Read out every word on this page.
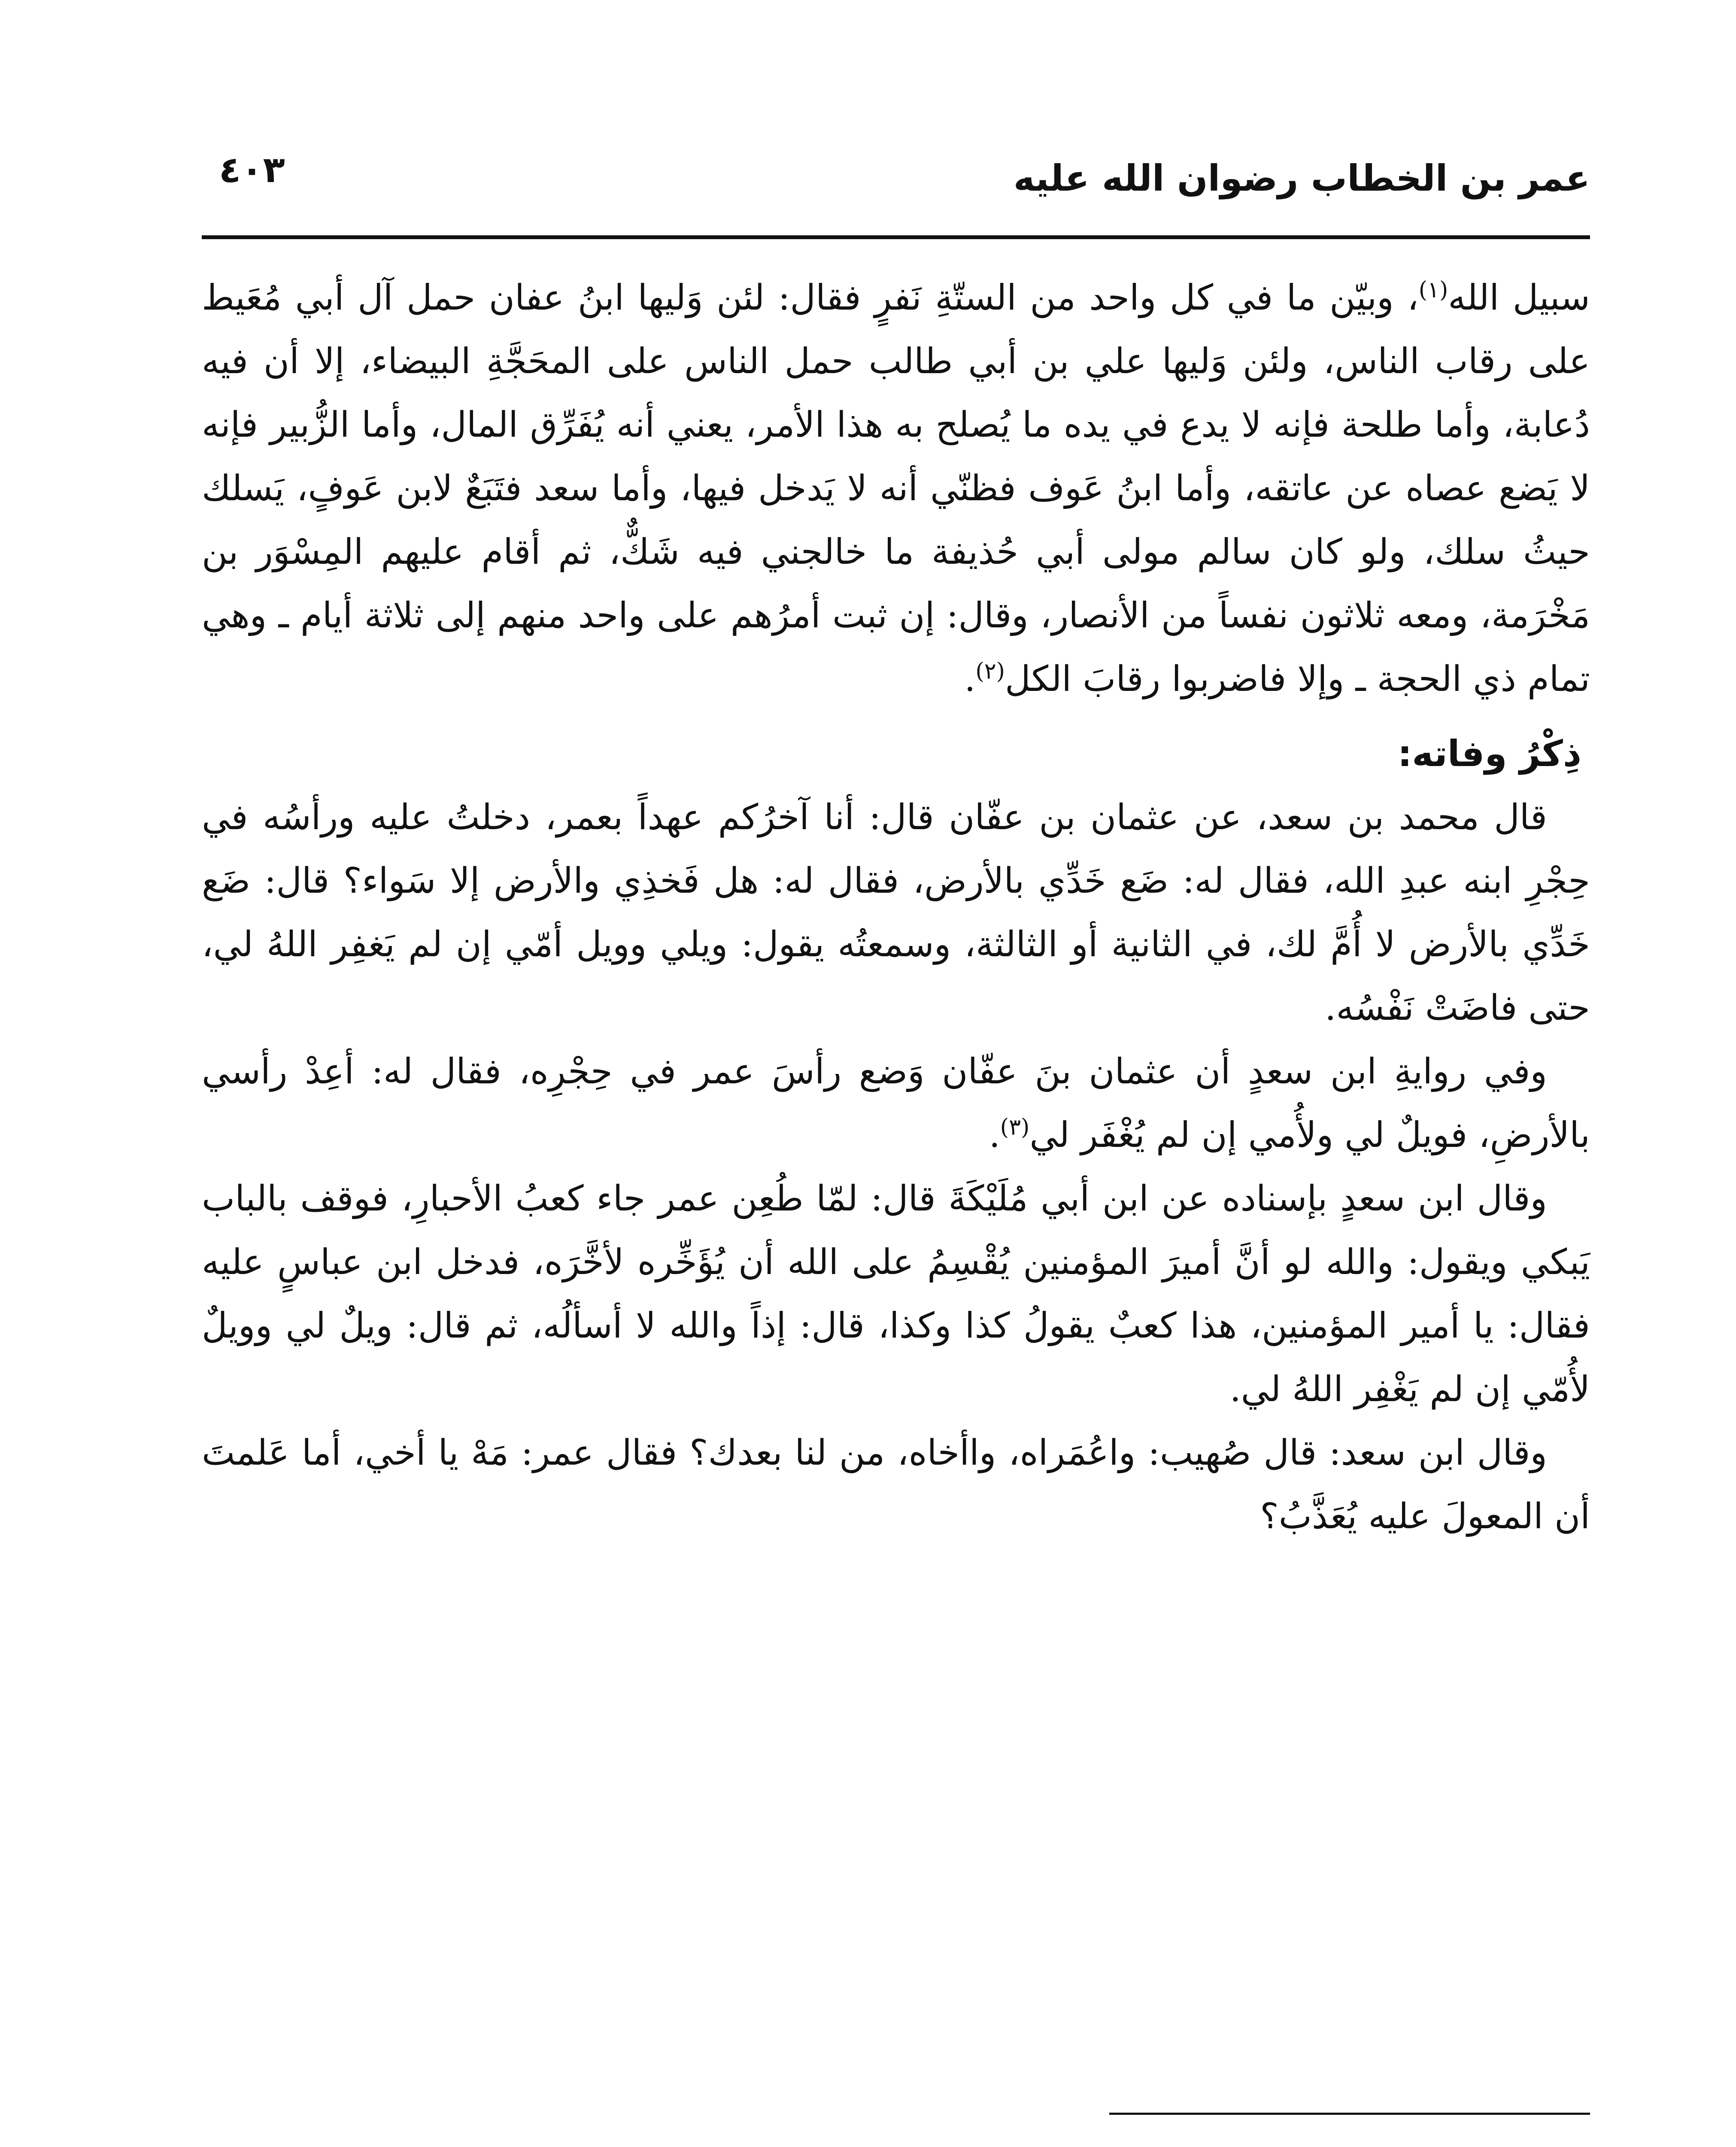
عمر بن الخطاب رضوان الله عليه
٤٠٣

سبيل الله$^{(١)}$، وبيّن ما في كل واحد من الستّةِ نَفرٍ فقال: لئن وَليها ابنُ عفان حمل آل أبي مُعَيط على رقاب الناس، ولئن وَليها علي بن أبي طالب حمل الناس على المحَجَّةِ البيضاء، إلا أن فيه دُعابة، وأما طلحة فإنه لا يدع في يده ما يُصلح به هذا الأمر، يعني أنه يُفَرِّق المال، وأما الزُّبير فإنه لا يَضع عصاه عن عاتقه، وأما ابنُ عَوف فظنّي أنه لا يَدخل فيها، وأما سعد فتَبَعٌ لابن عَوفٍ، يَسلك حيثُ سلك، ولو كان سالم مولى أبي حُذيفة ما خالجني فيه شَكٌّ، ثم أقام عليهم المِسْوَر بن مَخْرَمة، ومعه ثلاثون نفساً من الأنصار، وقال: إن ثبت أمرُهم على واحد منهم إلى ثلاثة أيام ـ وهي تمام ذي الحجة ـ وإلا فاضربوا رقابَ الكل$^{(٢)}$.

ذِكْرُ وفاته:

قال محمد بن سعد، عن عثمان بن عفّان قال: أنا آخرُكم عهداً بعمر، دخلتُ عليه ورأسُه في حِجْرِ ابنه عبدِ الله، فقال له: ضَع خَدِّي بالأرض، فقال له: هل فَخذِي والأرض إلا سَواء؟ قال: ضَع خَدِّي بالأرض لا أُمَّ لك، في الثانية أو الثالثة، وسمعتُه يقول: ويلي وويل أمّي إن لم يَغفِر اللهُ لي، حتى فاضَتْ نَفْسُه.

وفي روايةِ ابن سعدٍ أن عثمان بنَ عفّان وَضع رأسَ عمر في حِجْرِه، فقال له: أعِدْ رأسي بالأرضِ، فويلٌ لي ولأُمي إن لم يُغْفَر لي$^{(٣)}$.

وقال ابن سعدٍ بإسناده عن ابن أبي مُلَيْكَةَ قال: لمّا طُعِن عمر جاء كعبُ الأحبارِ، فوقف بالباب يَبكي ويقول: والله لو أنَّ أميرَ المؤمنين يُقْسِمُ على الله أن يُؤَخِّره لأخَّرَه، فدخل ابن عباسٍ عليه فقال: يا أمير المؤمنين، هذا كعبٌ يقولُ كذا وكذا، قال: إذاً والله لا أسألُه، ثم قال: ويلٌ لي وويلٌ لأُمّي إن لم يَغْفِر اللهُ لي.

وقال ابن سعد: قال صُهيب: واعُمَراه، واأخاه، من لنا بعدك؟ فقال عمر: مَهْ يا أخي، أما عَلمتَ أن المعولَ عليه يُعَذَّبُ؟
